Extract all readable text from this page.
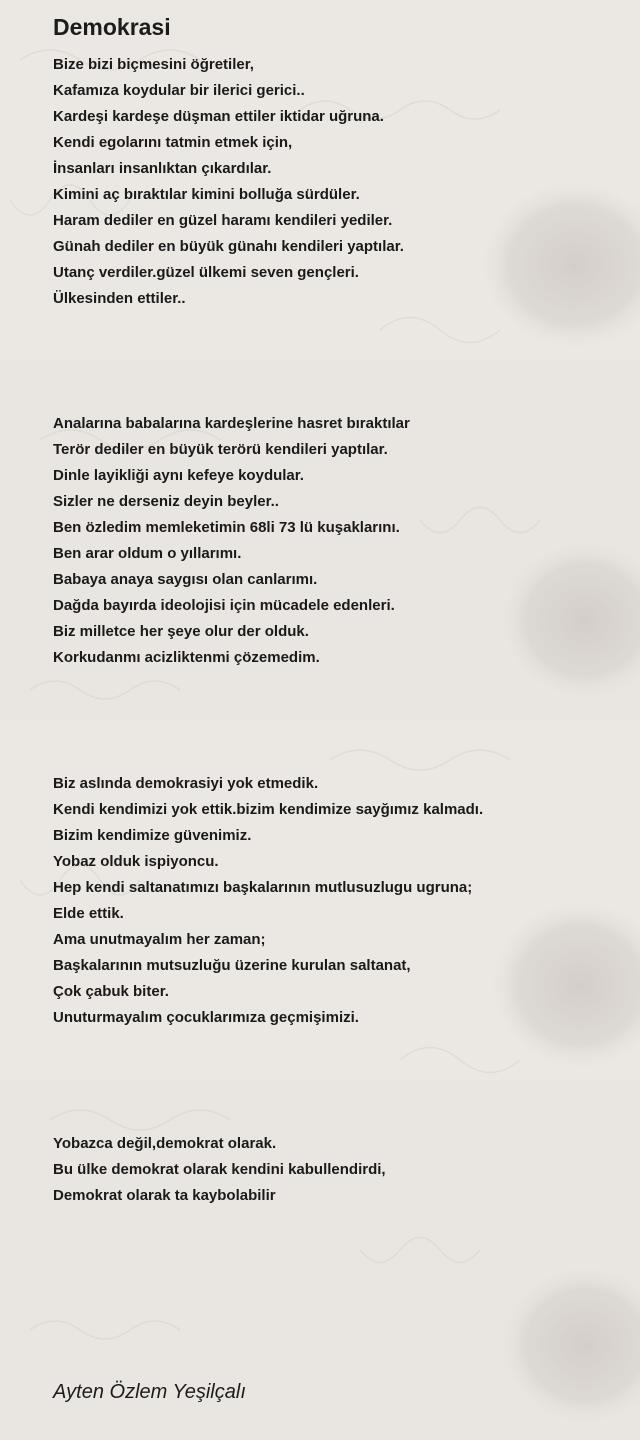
Demokrasi
Bize bizi biçmesini öğretiler,
Kafamıza koydular bir ilerici gerici..
Kardeşi kardeşe düşman ettiler iktidar uğruna.
Kendi egolarını tatmin etmek için,
İnsanları insanlıktan çıkardılar.
Kimini aç bıraktılar kimini bolluğa sürdüler.
Haram dediler en güzel haramı kendileri yediler.
Günah dediler en büyük günahı kendileri yaptılar.
Utanç verdiler.güzel ülkemi seven gençleri.
Ülkesinden ettiler..
Analarına babalarına kardeşlerine hasret bıraktılar
Terör dediler en büyük terörü kendileri yaptılar.
Dinle layikliği aynı kefeye koydular.
Sizler ne derseniz deyin beyler..
Ben özledim memleketimin 68li 73 lü kuşaklarını.
Ben arar oldum o yıllarımı.
Babaya anaya saygısı olan canlarımı.
Dağda bayırda ideolojisi için mücadele edenleri.
Biz milletce her şeye olur der olduk.
Korkudanmı acizliktenmi çözemedim.
Biz aslında demokrasiyi yok etmedik.
Kendi kendimizi yok ettik.bizim kendimize sayğımız kalmadı.
Bizim kendimize güvenimiz.
Yobaz olduk ispiyoncu.
Hep kendi saltanatımızı başkalarının mutlusuzlugu ugruna;
Elde ettik.
Ama unutmayalım her zaman;
Başkalarının mutsuzluğu üzerine kurulan saltanat,
Çok çabuk biter.
Unuturmayalım çocuklarımıza geçmişimizi.
Yobazca değil,demokrat olarak.
Bu ülke demokrat olarak kendini kabullendirdi,
Demokrat olarak ta kaybolabilir
Ayten Özlem Yeşilçalı
